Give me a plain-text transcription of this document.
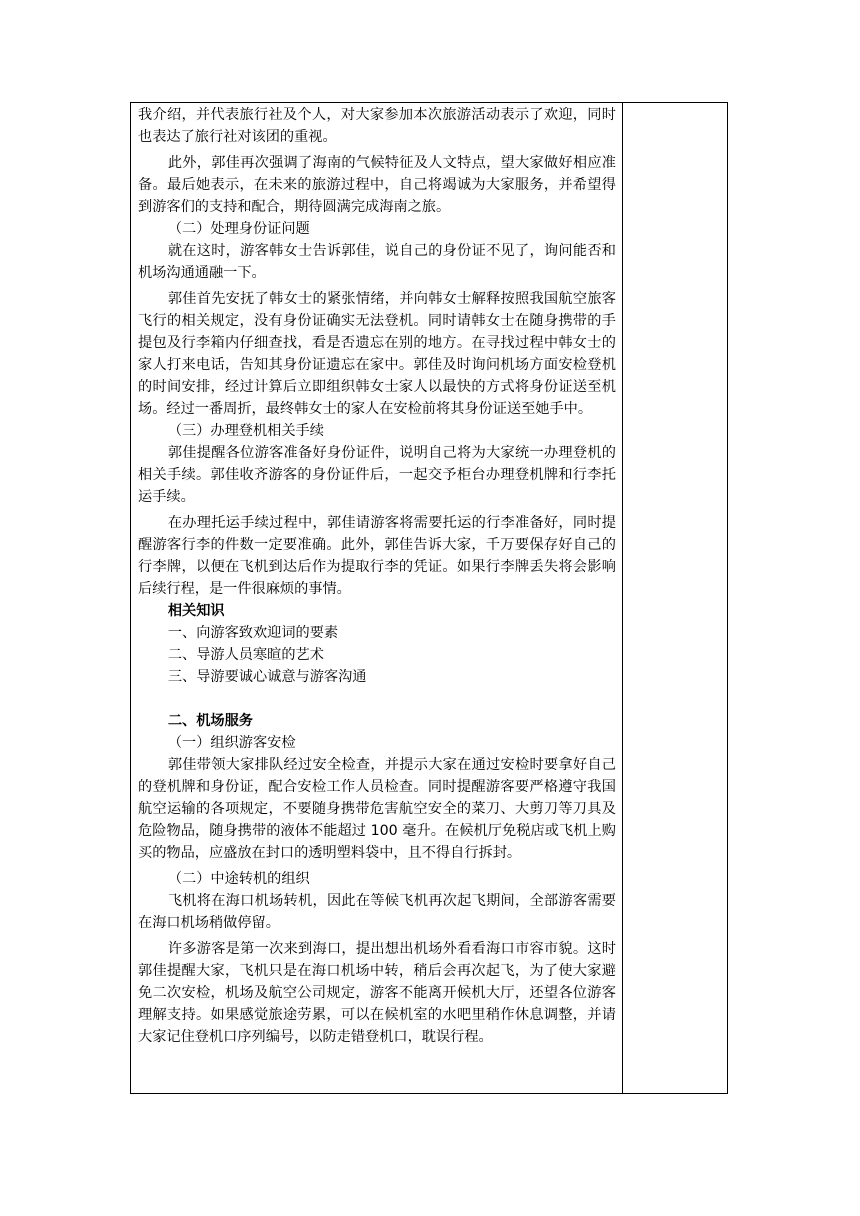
我介绍，并代表旅行社及个人，对大家参加本次旅游活动表示了欢迎，同时也表达了旅行社对该团的重视。

此外，郭佳再次强调了海南的气候特征及人文特点，望大家做好相应准备。最后她表示，在未来的旅游过程中，自己将竭诚为大家服务，并希望得到游客们的支持和配合，期待圆满完成海南之旅。

（二）处理身份证问题

就在这时，游客韩女士告诉郭佳，说自己的身份证不见了，询问能否和机场沟通通融一下。

郭佳首先安抚了韩女士的紧张情绪，并向韩女士解释按照我国航空旅客飞行的相关规定，没有身份证确实无法登机。同时请韩女士在随身携带的手提包及行李箱内仔细查找，看是否遗忘在别的地方。在寻找过程中韩女士的家人打来电话，告知其身份证遗忘在家中。郭佳及时询问机场方面安检登机的时间安排，经过计算后立即组织韩女士家人以最快的方式将身份证送至机场。经过一番周折，最终韩女士的家人在安检前将其身份证送至她手中。

（三）办理登机相关手续

郭佳提醒各位游客准备好身份证件，说明自己将为大家统一办理登机的相关手续。郭佳收齐游客的身份证件后，一起交予柜台办理登机牌和行李托运手续。

在办理托运手续过程中，郭佳请游客将需要托运的行李准备好，同时提醒游客行李的件数一定要准确。此外，郭佳告诉大家，千万要保存好自己的行李牌，以便在飞机到达后作为提取行李的凭证。如果行李牌丢失将会影响后续行程，是一件很麻烦的事情。

相关知识

一、向游客致欢迎词的要素

二、导游人员寒暄的艺术

三、导游要诚心诚意与游客沟通

二、机场服务

（一）组织游客安检

郭佳带领大家排队经过安全检查，并提示大家在通过安检时要拿好自己的登机牌和身份证，配合安检工作人员检查。同时提醒游客要严格遵守我国航空运输的各项规定，不要随身携带危害航空安全的菜刀、大剪刀等刀具及危险物品，随身携带的液体不能超过 100 毫升。在候机厅免税店或飞机上购买的物品，应盛放在封口的透明塑料袋中，且不得自行拆封。

（二）中途转机的组织

飞机将在海口机场转机，因此在等候飞机再次起飞期间，全部游客需要在海口机场稍做停留。

许多游客是第一次来到海口，提出想出机场外看看海口市容市貌。这时郭佳提醒大家，飞机只是在海口机场中转，稍后会再次起飞，为了使大家避免二次安检，机场及航空公司规定，游客不能离开候机大厅，还望各位游客理解支持。如果感觉旅途劳累，可以在候机室的水吧里稍作休息调整，并请大家记住登机口序列编号，以防走错登机口，耽误行程。
